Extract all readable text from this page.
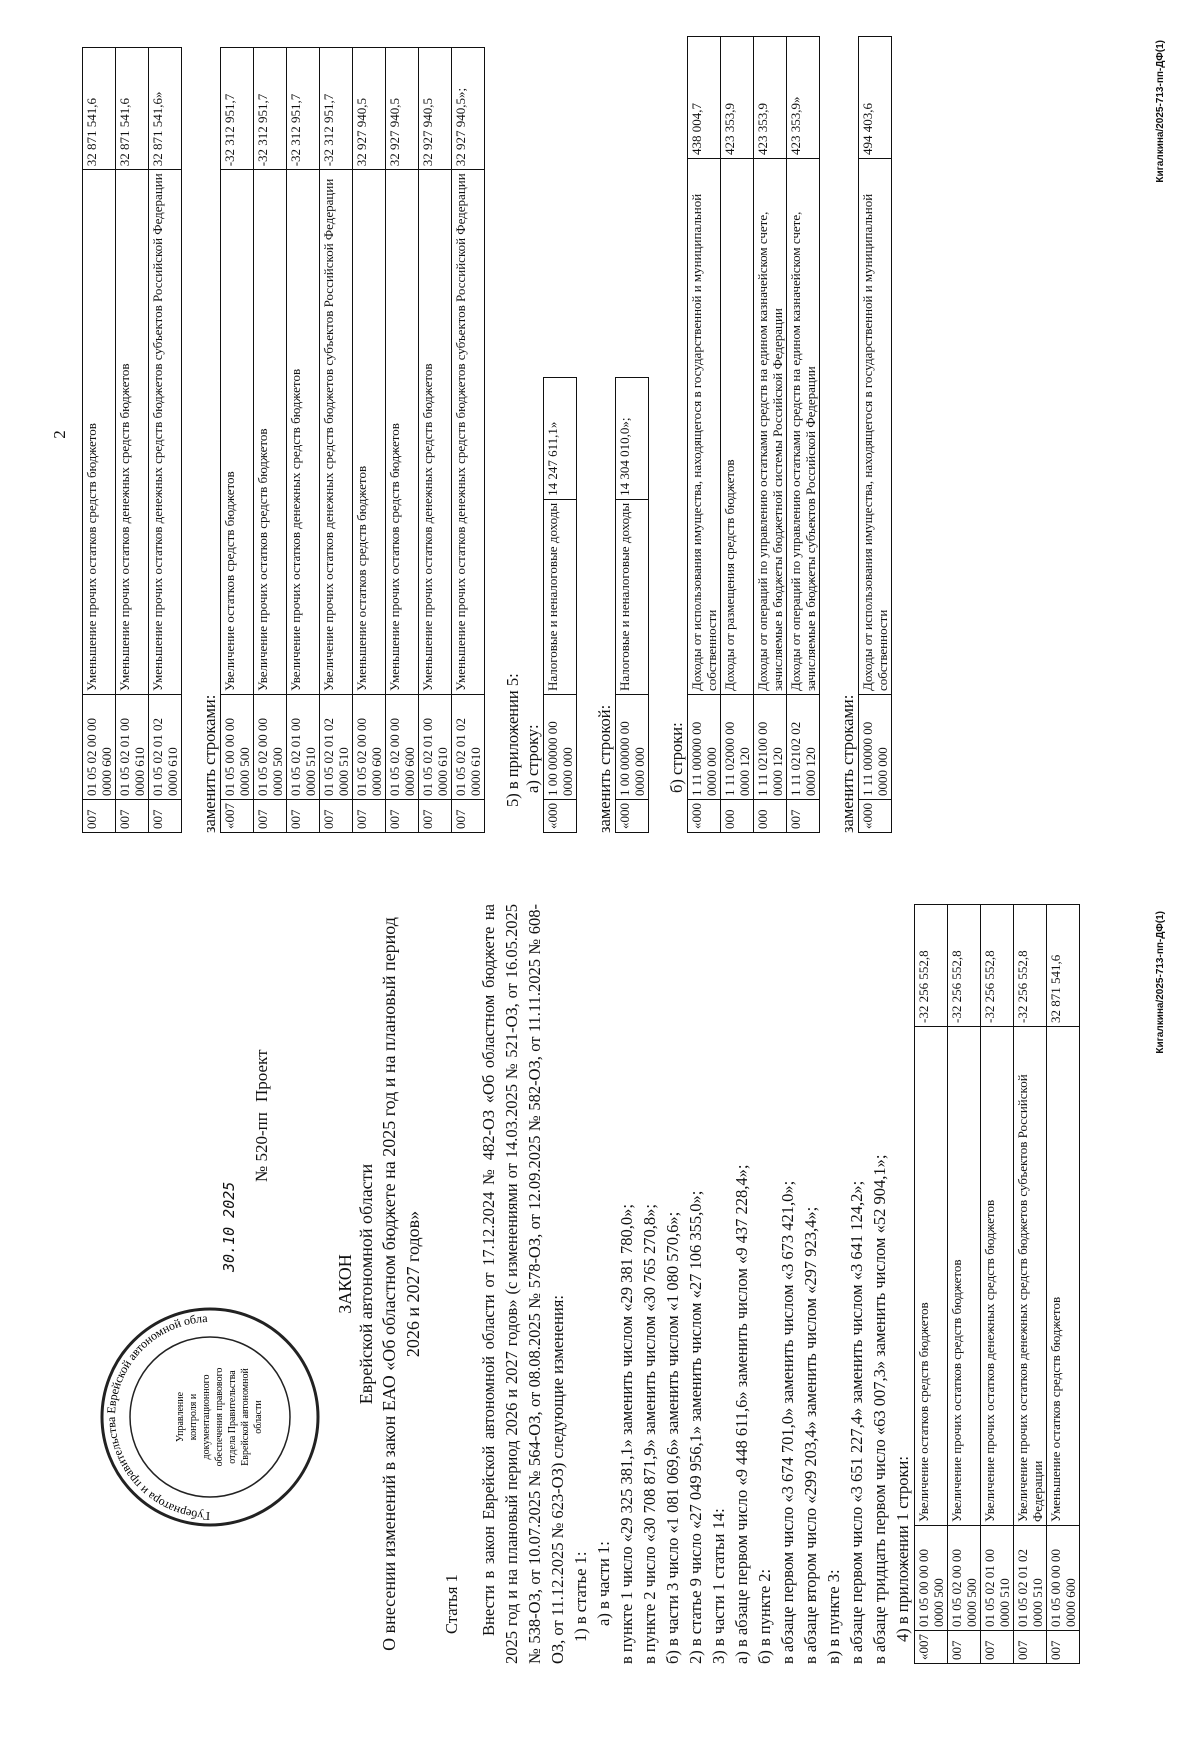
Управление контроля и документационного обеспечения правового отдела Правительства Еврейской автономной области
Губернатора и правительства Еврейской автономной обла
30.10 2025
№ 520-пп
Проект
ЗАКОН Еврейской автономной области О внесении изменений в закон ЕАО «Об областном бюджете на 2025 год и на плановый период 2026 и 2027 годов»

Статья 1 Внести в закон Еврейской автономной области от 17.12.2024 № 482-ОЗ «Об областном бюджете на 2025 год и на плановый период 2026 и 2027 годов» (с изменениями от 14.03.2025 № 521-ОЗ, от 16.05.2025 № 538-ОЗ, от 10.07.2025 № 564-ОЗ, от 08.08.2025 № 578-ОЗ, от 12.09.2025 № 582-ОЗ, от 11.11.2025 № 608-ОЗ, от 11.12.2025 № 623-ОЗ) следующие изменения: 1) в статье 1: а) в части 1: в пункте 1 число «29 325 381,1» заменить числом «29 381 780,0»; в пункте 2 число «30 708 871,9» заменить числом «30 765 270,8»; б) в части 3 число «1 081 069,6» заменить числом «1 080 570,6»; 2) в статье 9 число «27 049 956,1» заменить числом «27 106 355,0»; 3) в части 1 статьи 14: а) в абзаце первом число «9 448 611,6» заменить числом «9 437 228,4»; б) в пункте 2: в абзаце первом число «3 674 701,0» заменить числом «3 673 421,0»; в абзаце втором число «299 203,4» заменить числом «297 923,4»; в) в пункте 3: в абзаце первом число «3 651 227,4» заменить числом «3 641 124,2»; в абзаце тридцать первом число «63 007,3» заменить числом «52 904,1»; 4) в приложении 1 строки:

«007	01 05 00 00 00 0000 500	Увеличение остатков средств бюджетов	-32 256 552,8
007	01 05 02 00 00 0000 500	Увеличение прочих остатков средств бюджетов	-32 256 552,8
007	01 05 02 01 00 0000 510	Увеличение прочих остатков денежных средств бюджетов	-32 256 552,8
007	01 05 02 01 02 0000 510	Увеличение прочих остатков денежных средств бюджетов субъектов Российской Федерации	-32 256 552,8
007	01 05 00 00 00 0000 600	Уменьшение остатков средств бюджетов	32 871 541,6	Кигалкина/2025-713-пп-ДФ(1)
2
007	01 05 02 00 00 0000 600	Уменьшение прочих остатков средств бюджетов	32 871 541,6
007	01 05 02 01 00 0000 610	Уменьшение прочих остатков денежных средств бюджетов	32 871 541,6
007	01 05 02 01 02 0000 610	Уменьшение прочих остатков денежных средств бюджетов субъектов Российской Федерации	32 871 541,6»
заменить строками: «007	01 05 00 00 00 0000 500	Увеличение остатков средств бюджетов	-32 312 951,7
007	01 05 02 00 00 0000 500	Увеличение прочих остатков средств бюджетов	-32 312 951,7
007	01 05 02 01 00 0000 510	Увеличение прочих остатков денежных средств бюджетов	-32 312 951,7
007	01 05 02 01 02 0000 510	Увеличение прочих остатков денежных средств бюджетов субъектов Российской Федерации	-32 312 951,7
007	01 05 02 00 00 0000 600	Уменьшение остатков средств бюджетов	32 927 940,5
007	01 05 02 00 00 0000 600	Уменьшение прочих остатков средств бюджетов	32 927 940,5
007	01 05 02 01 00 0000 610	Уменьшение прочих остатков денежных средств бюджетов	32 927 940,5
007	01 05 02 01 02 0000 610	Уменьшение прочих остатков денежных средств бюджетов субъектов Российской Федерации	32 927 940,5»;
5) в приложении 5: а) строку:
«000	1 00 00000 00 0000 000	Налоговые и неналоговые доходы	14 247 611,1»
заменить строкой: «000	1 00 00000 00 0000 000	Налоговые и неналоговые доходы	14 304 010,0»;
б) строки:
«000	1 11 00000 00 0000 000	Доходы от использования имущества, находящегося в государственной и муниципальной собственности	438 004,7
000	1 11 02000 00 0000 120	Доходы от размещения средств бюджетов	423 353,9
000	1 11 02100 00 0000 120	Доходы от операций по управлению остатками средств на едином казначейском счете, зачисляемые в бюджеты бюджетной системы Российской Федерации	423 353,9
007	1 11 02102 02 0000 120	Доходы от операций по управлению остатками средств на едином казначейском счете, зачисляемые в бюджеты субъектов Российской Федерации	423 353,9»
заменить строками: «000	1 11 00000 00 0000 000	Доходы от использования имущества, находящегося в государственной и муниципальной собственности	494 403,6	Кигалкина/2025-713-пп-ДФ(1)
